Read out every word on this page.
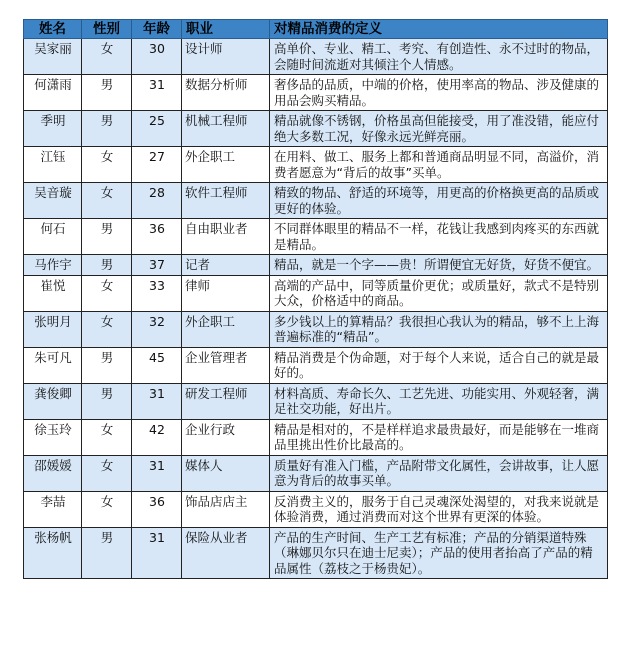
姓名	性别	年龄	职业	对精品消费的定义
吴家丽	女	30	设计师	高单价、专业、精工、考究、有创造性、永不过时的物品，会随时间流逝对其倾注个人情感。
何潇雨	男	31	数据分析师	奢侈品的品质，中端的价格，使用率高的物品、涉及健康的用品会购买精品。
季明	男	25	机械工程师	精品就像不锈钢，价格虽高但能接受，用了准没错，能应付绝大多数工况，好像永远光鲜亮丽。
江钰	女	27	外企职工	在用料、做工、服务上都和普通商品明显不同，高溢价，消费者愿意为“背后的故事”买单。
吴音璇	女	28	软件工程师	精致的物品、舒适的环境等，用更高的价格换更高的品质或更好的体验。
何石	男	36	自由职业者	不同群体眼里的精品不一样，花钱让我感到肉疼买的东西就是精品。
马作宇	男	37	记者	精品，就是一个字——贵！所谓便宜无好货，好货不便宜。
崔悦	女	33	律师	高端的产品中，同等质量价更优；或质量好，款式不是特别大众，价格适中的商品。
张明月	女	32	外企职工	多少钱以上的算精品？我很担心我认为的精品，够不上上海普遍标准的“精品”。
朱可凡	男	45	企业管理者	精品消费是个伪命题，对于每个人来说，适合自己的就是最好的。
龚俊卿	男	31	研发工程师	材料高质、寿命长久、工艺先进、功能实用、外观轻奢，满足社交功能，好出片。
徐玉玲	女	42	企业行政	精品是相对的，不是样样追求最贵最好，而是能够在一堆商品里挑出性价比最高的。
邵媛媛	女	31	媒体人	质量好有准入门槛，产品附带文化属性，会讲故事，让人愿意为背后的故事买单。
李喆	女	36	饰品店店主	反消费主义的，服务于自己灵魂深处渴望的，对我来说就是体验消费，通过消费而对这个世界有更深的体验。
张杨帆	男	31	保险从业者	产品的生产时间、生产工艺有标准；产品的分销渠道特殊（琳娜贝尔只在迪士尼卖）；产品的使用者抬高了产品的精品属性（荔枝之于杨贵妃）。
